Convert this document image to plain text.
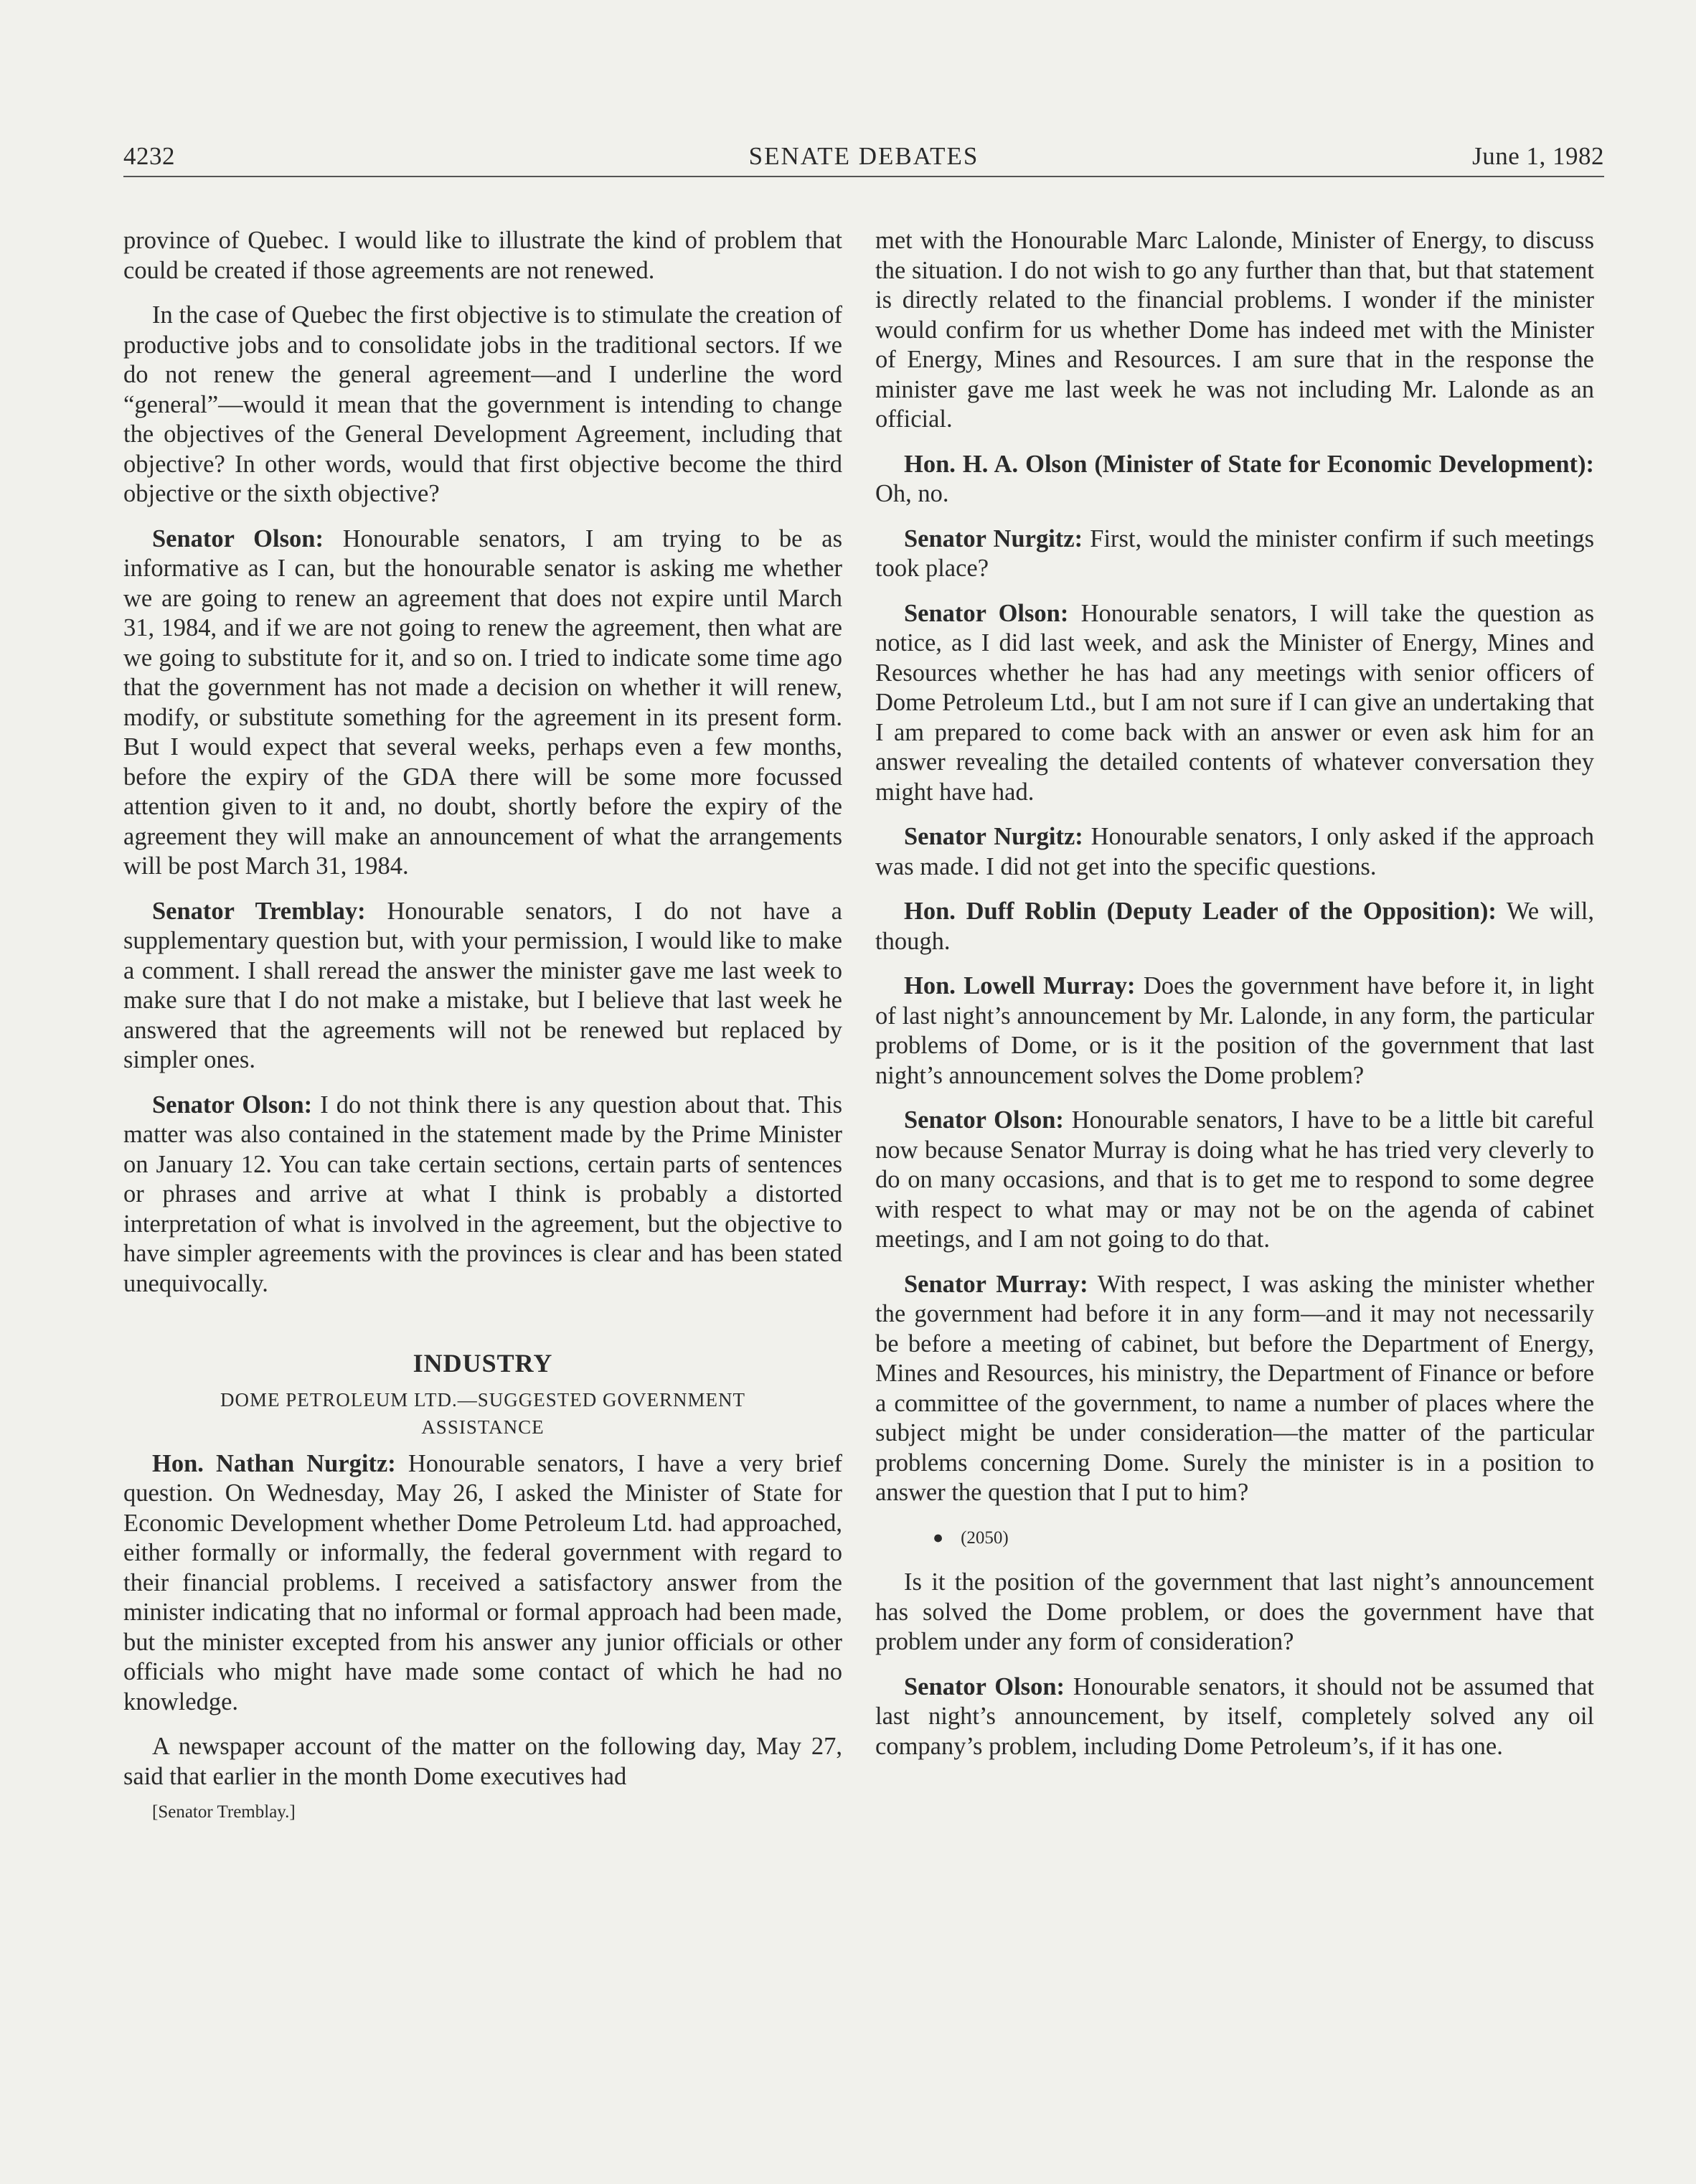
4232	SENATE DEBATES	June 1, 1982

province of Quebec. I would like to illustrate the kind of problem that could be created if those agreements are not renewed.

In the case of Quebec the first objective is to stimulate the creation of productive jobs and to consolidate jobs in the traditional sectors. If we do not renew the general agreement—and I underline the word “general”—would it mean that the government is intending to change the objectives of the General Development Agreement, including that objective? In other words, would that first objective become the third objective or the sixth objective?

Senator Olson: Honourable senators, I am trying to be as informative as I can, but the honourable senator is asking me whether we are going to renew an agreement that does not expire until March 31, 1984, and if we are not going to renew the agreement, then what are we going to substitute for it, and so on. I tried to indicate some time ago that the government has not made a decision on whether it will renew, modify, or substitute something for the agreement in its present form. But I would expect that several weeks, perhaps even a few months, before the expiry of the GDA there will be some more focussed attention given to it and, no doubt, shortly before the expiry of the agreement they will make an announcement of what the arrangements will be post March 31, 1984.

Senator Tremblay: Honourable senators, I do not have a supplementary question but, with your permission, I would like to make a comment. I shall reread the answer the minister gave me last week to make sure that I do not make a mistake, but I believe that last week he answered that the agreements will not be renewed but replaced by simpler ones.

Senator Olson: I do not think there is any question about that. This matter was also contained in the statement made by the Prime Minister on January 12. You can take certain sections, certain parts of sentences or phrases and arrive at what I think is probably a distorted interpretation of what is involved in the agreement, but the objective to have simpler agreements with the provinces is clear and has been stated unequivocally.

INDUSTRY
DOME PETROLEUM LTD.—SUGGESTED GOVERNMENT ASSISTANCE

Hon. Nathan Nurgitz: Honourable senators, I have a very brief question. On Wednesday, May 26, I asked the Minister of State for Economic Development whether Dome Petroleum Ltd. had approached, either formally or informally, the federal government with regard to their financial problems. I received a satisfactory answer from the minister indicating that no informal or formal approach had been made, but the minister excepted from his answer any junior officials or other officials who might have made some contact of which he had no knowledge.

A newspaper account of the matter on the following day, May 27, said that earlier in the month Dome executives had

[Senator Tremblay.]

met with the Honourable Marc Lalonde, Minister of Energy, to discuss the situation. I do not wish to go any further than that, but that statement is directly related to the financial problems. I wonder if the minister would confirm for us whether Dome has indeed met with the Minister of Energy, Mines and Resources. I am sure that in the response the minister gave me last week he was not including Mr. Lalonde as an official.

Hon. H. A. Olson (Minister of State for Economic Development): Oh, no.

Senator Nurgitz: First, would the minister confirm if such meetings took place?

Senator Olson: Honourable senators, I will take the question as notice, as I did last week, and ask the Minister of Energy, Mines and Resources whether he has had any meetings with senior officers of Dome Petroleum Ltd., but I am not sure if I can give an undertaking that I am prepared to come back with an answer or even ask him for an answer revealing the detailed contents of whatever conversation they might have had.

Senator Nurgitz: Honourable senators, I only asked if the approach was made. I did not get into the specific questions.

Hon. Duff Roblin (Deputy Leader of the Opposition): We will, though.

Hon. Lowell Murray: Does the government have before it, in light of last night’s announcement by Mr. Lalonde, in any form, the particular problems of Dome, or is it the position of the government that last night’s announcement solves the Dome problem?

Senator Olson: Honourable senators, I have to be a little bit careful now because Senator Murray is doing what he has tried very cleverly to do on many occasions, and that is to get me to respond to some degree with respect to what may or may not be on the agenda of cabinet meetings, and I am not going to do that.

Senator Murray: With respect, I was asking the minister whether the government had before it in any form—and it may not necessarily be before a meeting of cabinet, but before the Department of Energy, Mines and Resources, his ministry, the Department of Finance or before a committee of the government, to name a number of places where the subject might be under consideration—the matter of the particular problems concerning Dome. Surely the minister is in a position to answer the question that I put to him?

● (2050)

Is it the position of the government that last night’s announcement has solved the Dome problem, or does the government have that problem under any form of consideration?

Senator Olson: Honourable senators, it should not be assumed that last night’s announcement, by itself, completely solved any oil company’s problem, including Dome Petroleum’s, if it has one.
